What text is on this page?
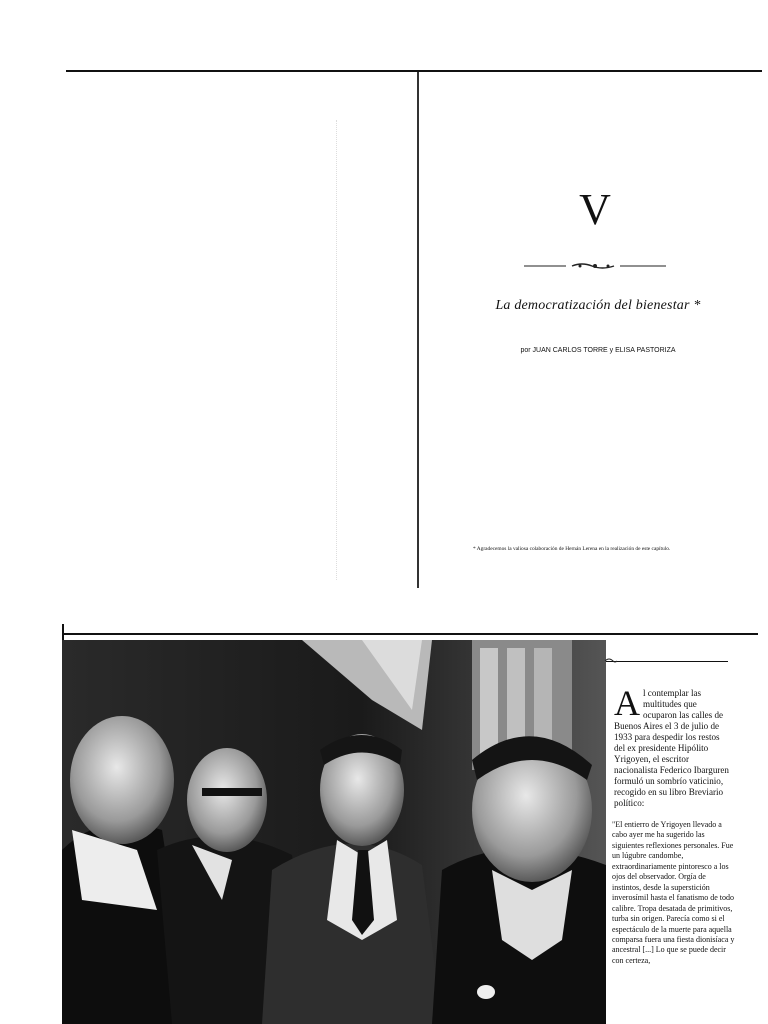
V
La democratización del bienestar *
por JUAN CARLOS TORRE y ELISA PASTORIZA
* Agradecemos la valiosa colaboración de Hernán Lerena en la realización de este capítulo.
A l contemplar las multitudes que ocuparon las calles de Buenos Aires el 3 de julio de 1933 para despedir los restos del ex presidente Hipólito Yrigoyen, el escritor nacionalista Federico Ibarguren formuló un sombrío vaticinio, recogido en su libro Breviario político:
"El entierro de Yrigoyen llevado a cabo ayer me ha sugerido las siguientes reflexiones personales. Fue un lúgubre candombe, extraordinariamente pintoresco a los ojos del observador. Orgía de instintos, desde la superstición inverosímil hasta el fanatismo de todo calibre. Tropa desatada de primitivos, turba sin origen. Parecía como si el espectáculo de la muerte para aquella comparsa fuera una fiesta dionisíaca y ancestral [...] Lo que se puede decir con certeza,
